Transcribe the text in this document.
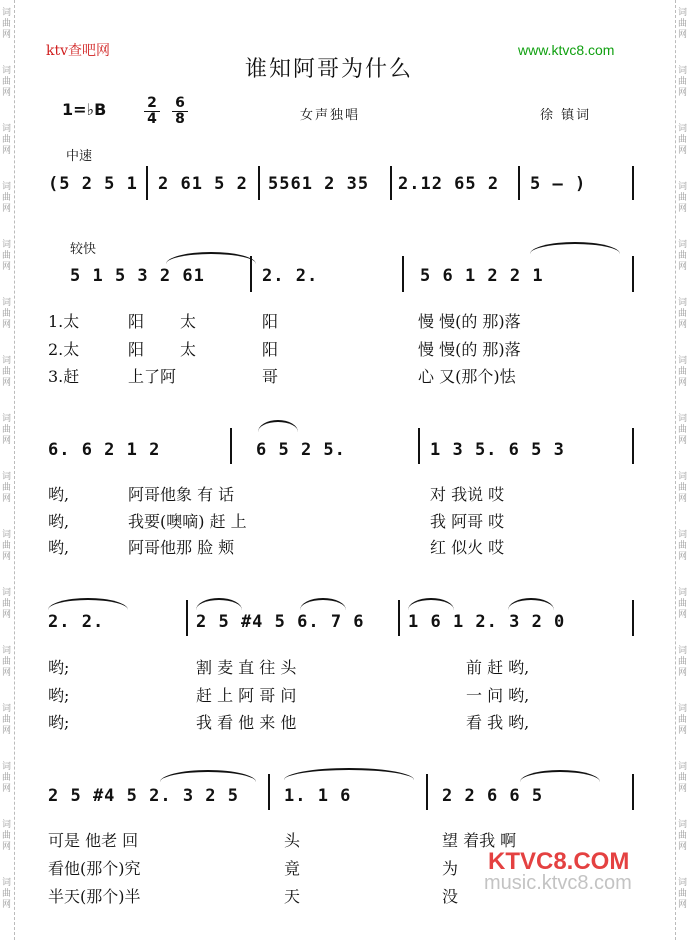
词曲网
词曲网
词曲网
词曲网
词曲网
词曲网
词曲网
词曲网
词曲网
词曲网
词曲网
词曲网
词曲网
词曲网
词曲网
词曲网
词曲网
词曲网
词曲网
词曲网
词曲网
词曲网
词曲网
词曲网
词曲网
词曲网
词曲网
词曲网
词曲网
词曲网
词曲网
词曲网
ktv查吧网	www.ktvc8.com
谁知阿哥为什么
1=♭B	2
4
6
8	女声独唱	徐 镇词
中速
(5 2 5 1 2 61 5 2 5561 2 35 2.12 65 2 5 – )
较快
5 1 5 3 2 61	2. 2.	5 6 1 2 2 1
1.太	阳 太	阳	慢 慢(的 那)落
2.太	阳 太	阳	慢 慢(的 那)落
3.赶	上了阿	哥	心 又(那个)怯
6. 6 2 1 2	6 5 2 5.	1 3 5. 6 5 3
哟,	阿哥他象 有 话	对 我说 哎
哟,	我要(噢嘀) 赶 上	我 阿哥 哎
哟,	阿哥他那 脸 颊	红 似火 哎
2. 2.	2 5 #4 5 6. 7 6	1 6 1 2. 3 2 0
哟;	割 麦 直 往 头	前 赶 哟,
哟;	赶 上 阿 哥 问	一 问 哟,
哟;	我 看 他 来 他	看 我 哟,
2 5 #4 5 2. 3 2 5	1. 1 6	2 2 6 6 5
可是 他老 回	头	望 着我 啊
看他(那个)究	竟	为
半天(那个)半	天	没
KTVC8.COM
music.ktvc8.com
